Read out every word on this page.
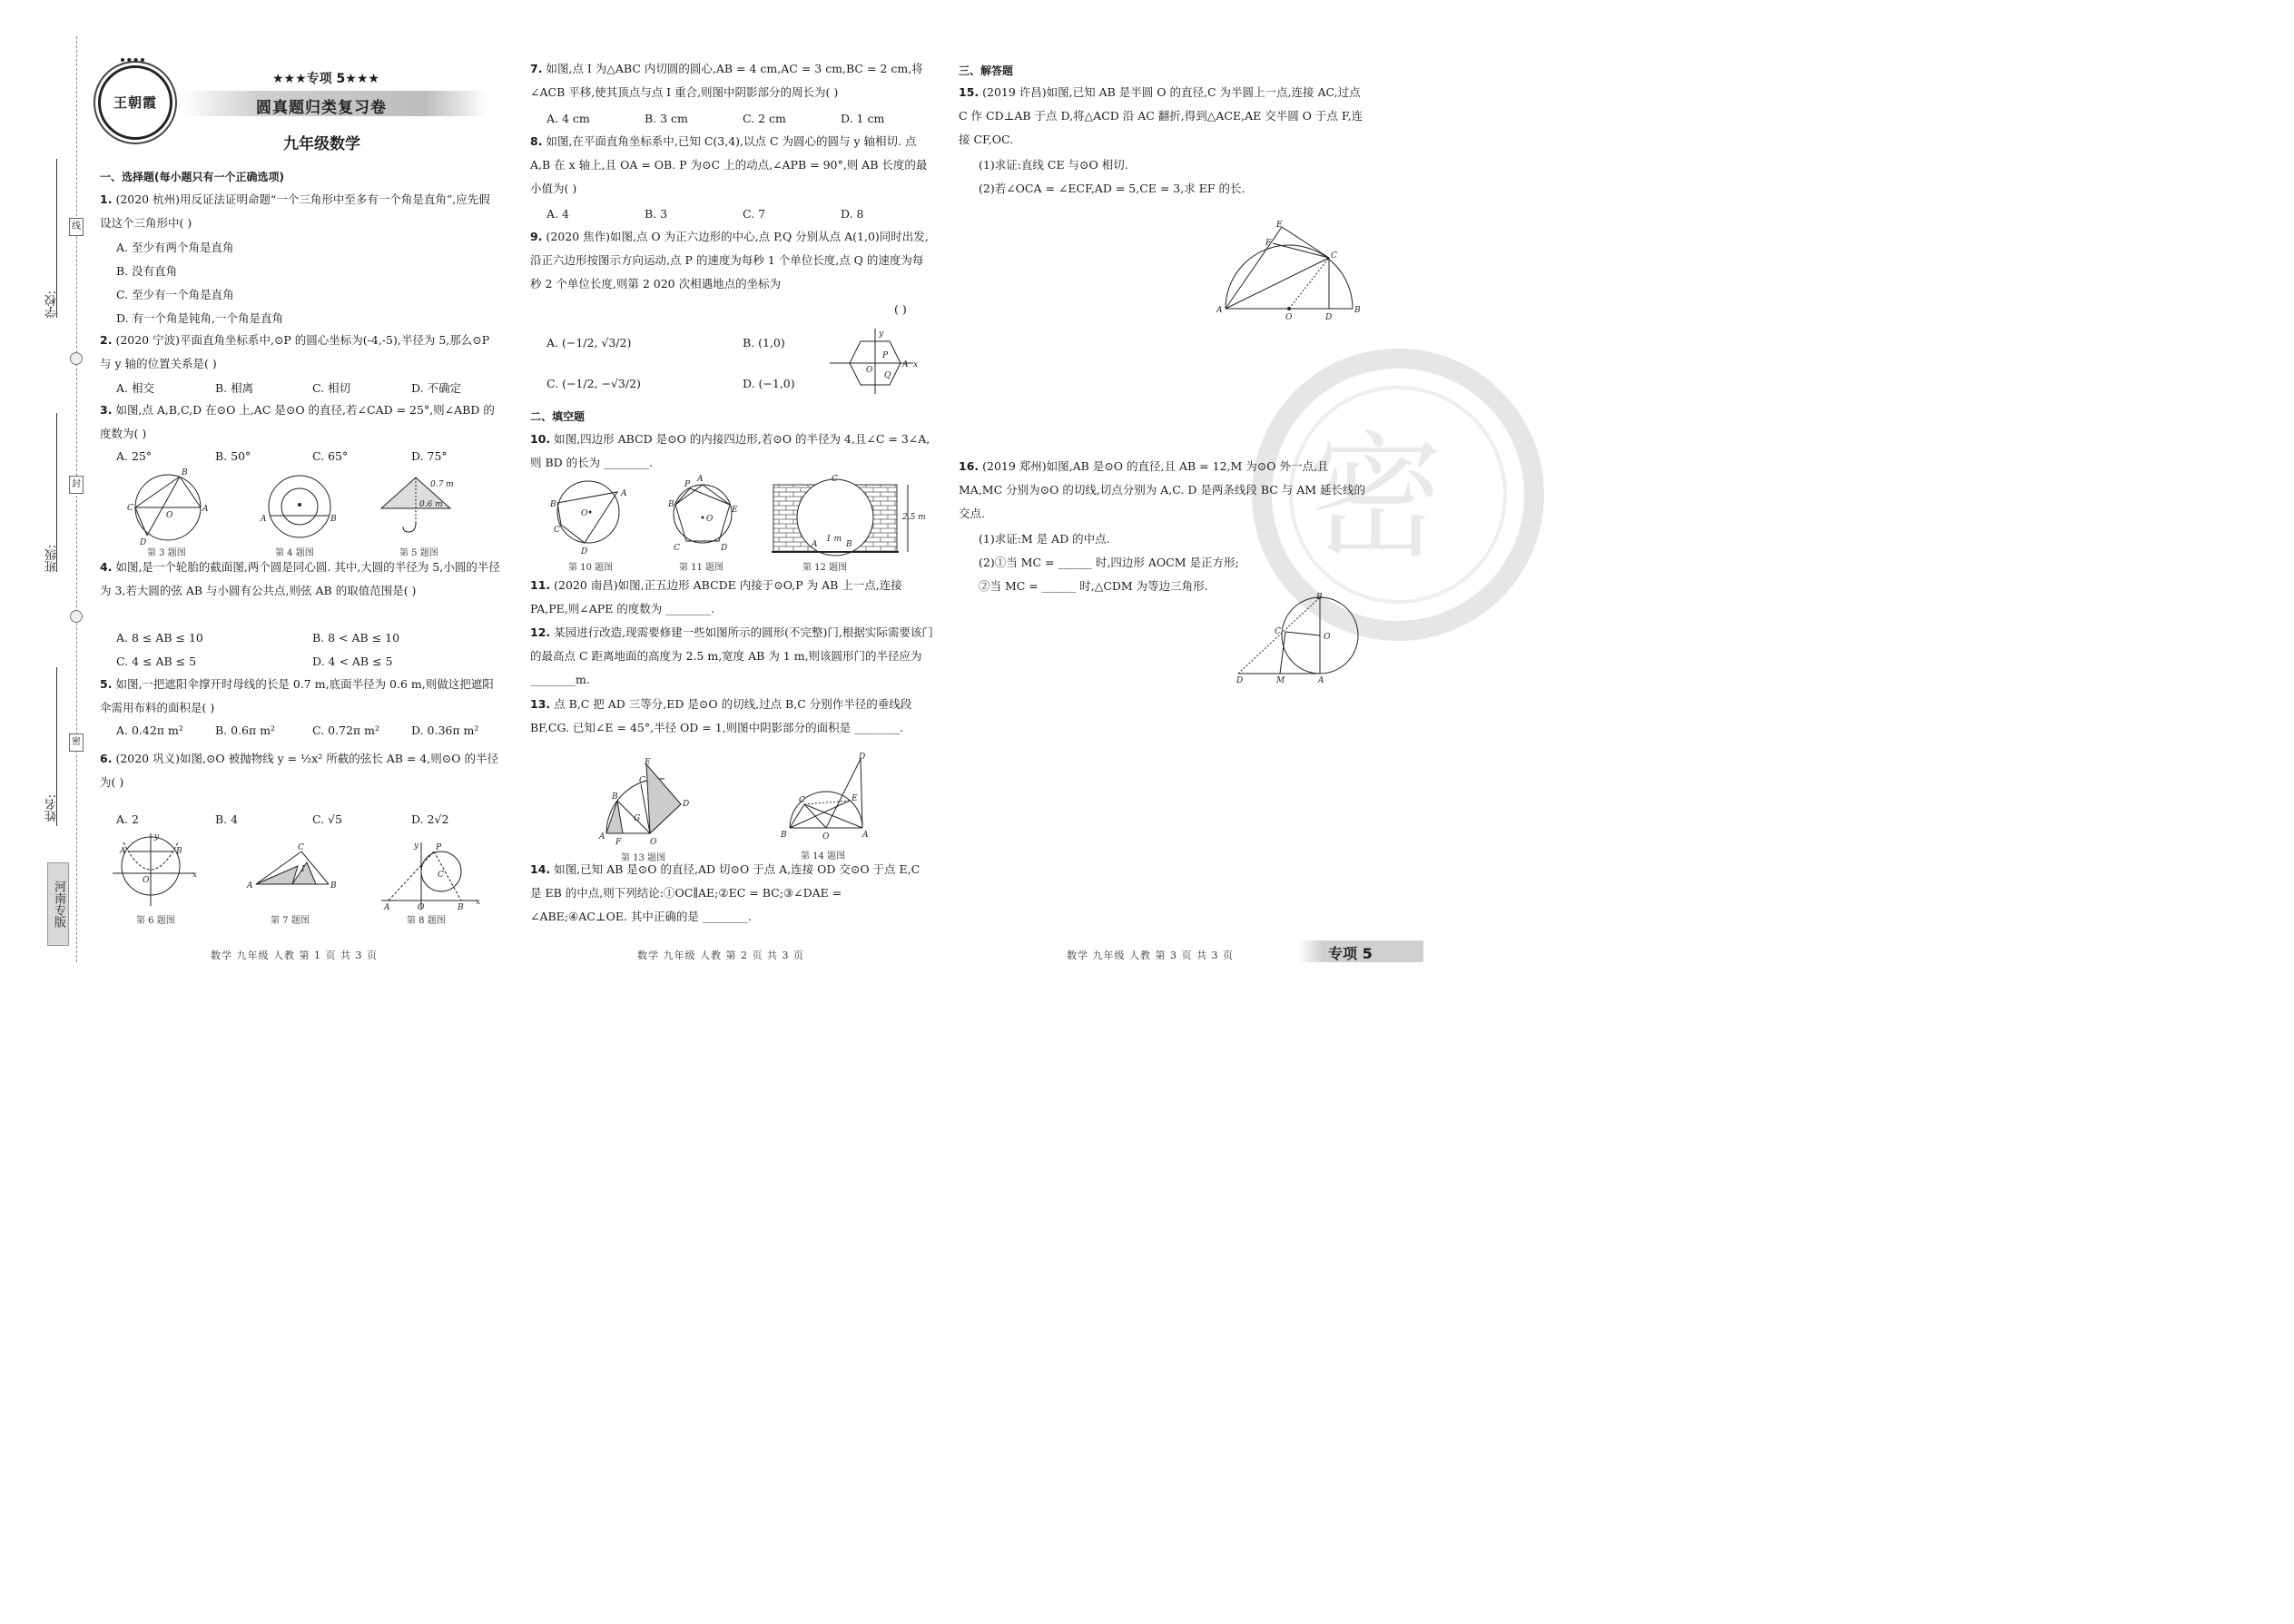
学校:
班级:
姓名:
线
封
密
河南专版
王朝霞
★★★专项 5★★★
圆真题归类复习卷
九年级数学
一、选择题(每小题只有一个正确选项)
1. (2020 杭州)用反证法证明命题“一个三角形中至多有一个角是直角”,应先假设这个三角形中( )
A. 至少有两个角是直角
B. 没有直角
C. 至少有一个角是直角
D. 有一个角是钝角,一个角是直角
2. (2020 宁波)平面直角坐标系中,⊙P 的圆心坐标为(-4,-5),半径为 5,那么⊙P 与 y 轴的位置关系是( )
A. 相交	B. 相离	C. 相切	D. 不确定
3. 如图,点 A,B,C,D 在⊙O 上,AC 是⊙O 的直径,若∠CAD = 25°,则∠ABD 的度数为( )
A. 25°	B. 50°	C. 65°	D. 75°
B
C	A
D
O	A	B
0.7 m
0.6 m
第 3 题图	第 4 题图	第 5 题图
4. 如图,是一个轮胎的截面图,两个圆是同心圆. 其中,大圆的半径为 5,小圆的半径为 3,若大圆的弦 AB 与小圆有公共点,则弦 AB 的取值范围是( )
A. 8 ≤ AB ≤ 10	B. 8 < AB ≤ 10
C. 4 ≤ AB ≤ 5	D. 4 < AB ≤ 5
5. 如图,一把遮阳伞撑开时母线的长是 0.7 m,底面半径为 0.6 m,则做这把遮阳伞需用布料的面积是( )
A. 0.42π m²	B. 0.6π m²	C. 0.72π m²	D. 0.36π m²
6. (2020 巩义)如图,⊙O 被抛物线 y = ½x² 所截的弦长 AB = 4,则⊙O 的半径为( )
A. 2	B. 4	C. √5	D. 2√2
A	B
O
y
x
A
C
B
I
A	O	B
P
C
y
x
第 6 题图	第 7 题图	第 8 题图
数学 九年级 人教 第 1 页 共 3 页
7. 如图,点 I 为△ABC 内切圆的圆心,AB = 4 cm,AC = 3 cm,BC = 2 cm,将∠ACB 平移,使其顶点与点 I 重合,则图中阴影部分的周长为( )
A. 4 cm	B. 3 cm	C. 2 cm	D. 1 cm
8. 如图,在平面直角坐标系中,已知 C(3,4),以点 C 为圆心的圆与 y 轴相切. 点 A,B 在 x 轴上,且 OA = OB. P 为⊙C 上的动点,∠APB = 90°,则 AB 长度的最小值为( )
A. 4	B. 3	C. 7	D. 8
9. (2020 焦作)如图,点 O 为正六边形的中心,点 P,Q 分别从点 A(1,0)同时出发,沿正六边形按图示方向运动,点 P 的速度为每秒 1 个单位长度,点 Q 的速度为每秒 2 个单位长度,则第 2 020 次相遇地点的坐标为
( )
A. (−1/2, √3/2)	B. (1,0)
C. (−1/2, −√3/2)	D. (−1,0)
O
y
x
A
P
Q
二、填空题
10. 如图,四边形 ABCD 是⊙O 的内接四边形,若⊙O 的半径为 4,且∠C = 3∠A,则 BD 的长为 ________.
B
A
D
C
O
P
B
E
C	D
A
O
C
A	B
1 m
2.5 m
第 10 题图	第 11 题图	第 12 题图
11. (2020 南昌)如图,正五边形 ABCDE 内接于⊙O,P 为 AB 上一点,连接 PA,PE,则∠APE 的度数为 ________.
12. 某园进行改造,现需要修建一些如图所示的圆形(不完整)门,根据实际需要该门的最高点 C 距离地面的高度为 2.5 m,宽度 AB 为 1 m,则该圆形门的半径应为 ________m.
13. 点 B,C 把 AD 三等分,ED 是⊙O 的切线,过点 B,C 分别作半径的垂线段 BF,CG. 已知∠E = 45°,半径 OD = 1,则图中阴影部分的面积是 ________.
E
C
B
D
A
F
G
O
D
C	E
B	O	A
第 13 题图	第 14 题图
14. 如图,已知 AB 是⊙O 的直径,AD 切⊙O 于点 A,连接 OD 交⊙O 于点 E,C 是 EB 的中点,则下列结论:①OC∥AE;②EC = BC;③∠DAE = ∠ABE;④AC⊥OE. 其中正确的是 ________.
数学 九年级 人教 第 2 页 共 3 页
三、解答题
15. (2019 许昌)如图,已知 AB 是半圆 O 的直径,C 为半圆上一点,连接 AC,过点 C 作 CD⊥AB 于点 D,将△ACD 沿 AC 翻折,得到△ACE,AE 交半圆 O 于点 F,连接 CF,OC.
(1)求证:直线 CE 与⊙O 相切.
(2)若∠OCA = ∠ECF,AD = 5,CE = 3,求 EF 的长.
E
F
C
A
O	D
B
密
16. (2019 郑州)如图,AB 是⊙O 的直径,且 AB = 12,M 为⊙O 外一点,且 MA,MC 分别为⊙O 的切线,切点分别为 A,C. D 是两条线段 BC 与 AM 延长线的交点.
(1)求证:M 是 AD 的中点.
(2)①当 MC = ______ 时,四边形 AOCM 是正方形;
②当 MC = ______ 时,△CDM 为等边三角形.
B
C
O
D	M	A
数学 九年级 人教 第 3 页 共 3 页	专项 5
